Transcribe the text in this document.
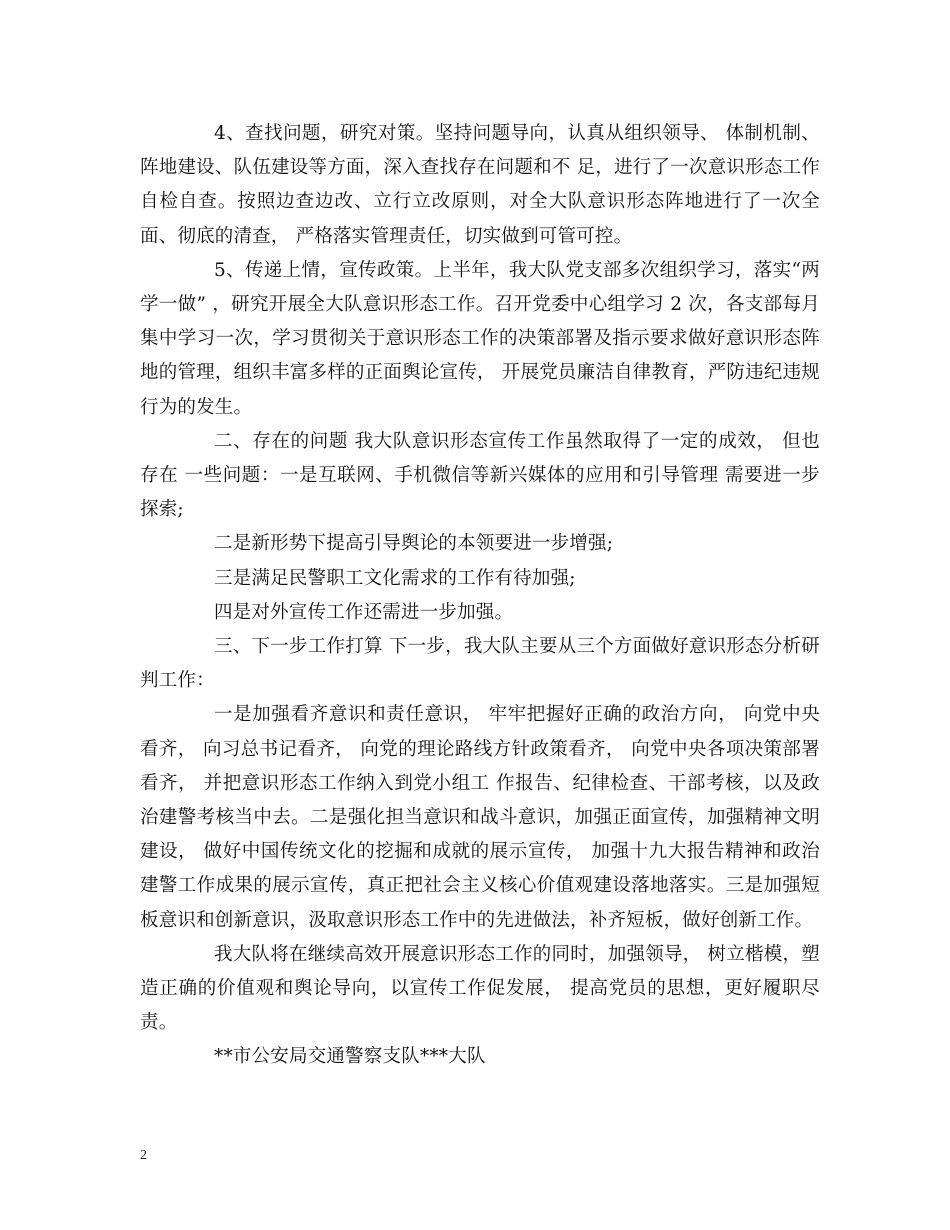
4、查找问题，研究对策。坚持问题导向，认真从组织领导、 体制机制、阵地建设、队伍建设等方面，深入查找存在问题和不 足，进行了一次意识形态工作自检自查。按照边查边改、立行立改原则，对全大队意识形态阵地进行了一次全面、彻底的清查， 严格落实管理责任，切实做到可管可控。

5、传递上情，宣传政策。上半年，我大队党支部多次组织学习，落实“两学一做” ，研究开展全大队意识形态工作。召开党委中心组学习 2 次，各支部每月集中学习一次，学习贯彻关于意识形态工作的决策部署及指示要求做好意识形态阵地的管理，组织丰富多样的正面舆论宣传， 开展党员廉洁自律教育，严防违纪违规行为的发生。

二、存在的问题 我大队意识形态宣传工作虽然取得了一定的成效， 但也存在 一些问题：一是互联网、手机微信等新兴媒体的应用和引导管理 需要进一步探索;

二是新形势下提高引导舆论的本领要进一步增强;

三是满足民警职工文化需求的工作有待加强;

四是对外宣传工作还需进一步加强。

三、下一步工作打算 下一步，我大队主要从三个方面做好意识形态分析研判工作：

一是加强看齐意识和责任意识， 牢牢把握好正确的政治方向， 向党中央看齐， 向习总书记看齐， 向党的理论路线方针政策看齐， 向党中央各项决策部署看齐， 并把意识形态工作纳入到党小组工 作报告、纪律检查、干部考核，以及政治建警考核当中去。二是强化担当意识和战斗意识，加强正面宣传，加强精神文明建设， 做好中国传统文化的挖掘和成就的展示宣传， 加强十九大报告精神和政治建警工作成果的展示宣传，真正把社会主义核心价值观建设落地落实。三是加强短板意识和创新意识，汲取意识形态工作中的先进做法，补齐短板，做好创新工作。

我大队将在继续高效开展意识形态工作的同时，加强领导， 树立楷模，塑造正确的价值观和舆论导向，以宣传工作促发展， 提高党员的思想，更好履职尽责。

**市公安局交通警察支队***大队

2
